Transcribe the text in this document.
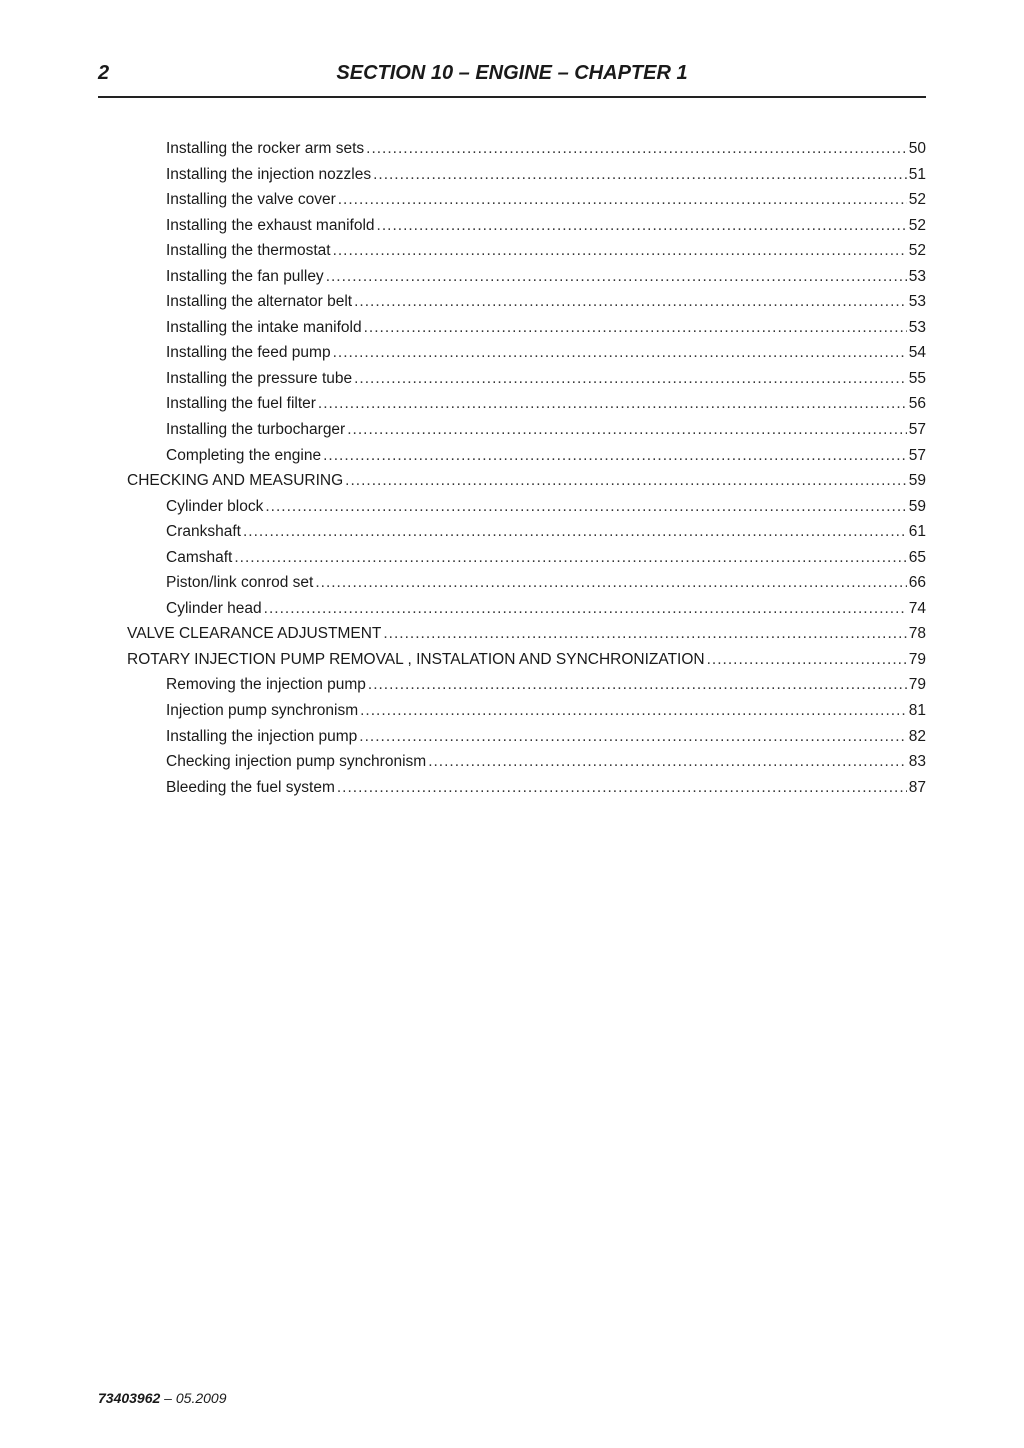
2	SECTION 10 – ENGINE – CHAPTER 1
Installing the rocker arm sets .....	50
Installing the injection nozzles .....	51
Installing the valve cover .....	52
Installing the exhaust manifold .....	52
Installing the thermostat .....	52
Installing the fan pulley .....	53
Installing the alternator belt .....	53
Installing the intake manifold .....	53
Installing the feed pump .....	54
Installing the pressure tube .....	55
Installing the fuel filter .....	56
Installing the turbocharger .....	57
Completing the engine .....	57
CHECKING AND MEASURING .....	59
Cylinder block .....	59
Crankshaft .....	61
Camshaft .....	65
Piston/link conrod set .....	66
Cylinder head .....	74
VALVE CLEARANCE ADJUSTMENT .....	78
ROTARY INJECTION PUMP REMOVAL , INSTALATION AND SYNCHRONIZATION .....	79
Removing the injection pump .....	79
Injection pump synchronism .....	81
Installing the injection pump .....	82
Checking injection pump synchronism .....	83
Bleeding the fuel system .....	87
73403962 – 05.2009
